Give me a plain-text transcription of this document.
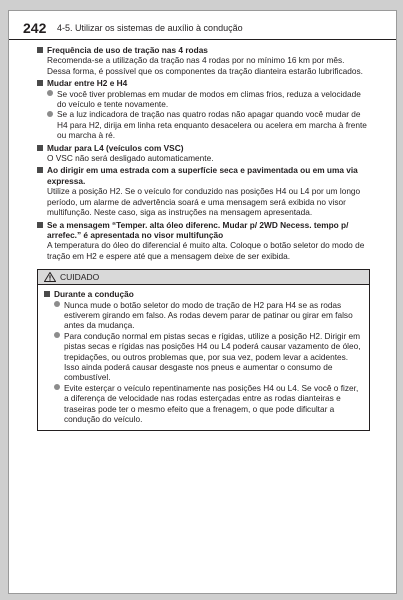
242 4-5. Utilizar os sistemas de auxílio à condução
Frequência de uso de tração nas 4 rodas
Recomenda-se a utilização da tração nas 4 rodas por no mínimo 16 km por mês. Dessa forma, é possível que os componentes da tração dianteira estarão lubrificados.
Mudar entre H2 e H4
Se você tiver problemas em mudar de modos em climas frios, reduza a velocidade do veículo e tente novamente.
Se a luz indicadora de tração nas quatro rodas não apagar quando você mudar de H4 para H2, dirija em linha reta enquanto desacelera ou acelera em marcha à frente ou marcha à ré.
Mudar para L4 (veículos com VSC)
O VSC não será desligado automaticamente.
Ao dirigir em uma estrada com a superfície seca e pavimentada ou em uma via expressa.
Utilize a posição H2. Se o veículo for conduzido nas posições H4 ou L4 por um longo período, um alarme de advertência soará e uma mensagem será exibida no visor multifunção. Neste caso, siga as instruções na mensagem apresentada.
Se a mensagem “Temper. alta óleo diferenc. Mudar p/ 2WD Necess. tempo p/ arrefec.” é apresentada no visor multifunção
A temperatura do óleo do diferencial é muito alta. Coloque o botão seletor do modo de tração em H2 e espere até que a mensagem deixe de ser exibida.
CUIDADO
Durante a condução
Nunca mude o botão seletor do modo de tração de H2 para H4 se as rodas estiverem girando em falso. As rodas devem parar de patinar ou girar em falso antes da mudança.
Para condução normal em pistas secas e rígidas, utilize a posição H2. Dirigir em pistas secas e rígidas nas posições H4 ou L4 poderá causar vazamento de óleo, trepidações, ou outros problemas que, por sua vez, podem levar a acidentes. Isso ainda poderá causar desgaste nos pneus e aumentar o consumo de combustível.
Evite esterçar o veículo repentinamente nas posições H4 ou L4. Se você o fizer, a diferença de velocidade nas rodas esterçadas entre as rodas dianteiras e traseiras pode ter o mesmo efeito que a frenagem, o que pode dificultar a condução do veículo.
